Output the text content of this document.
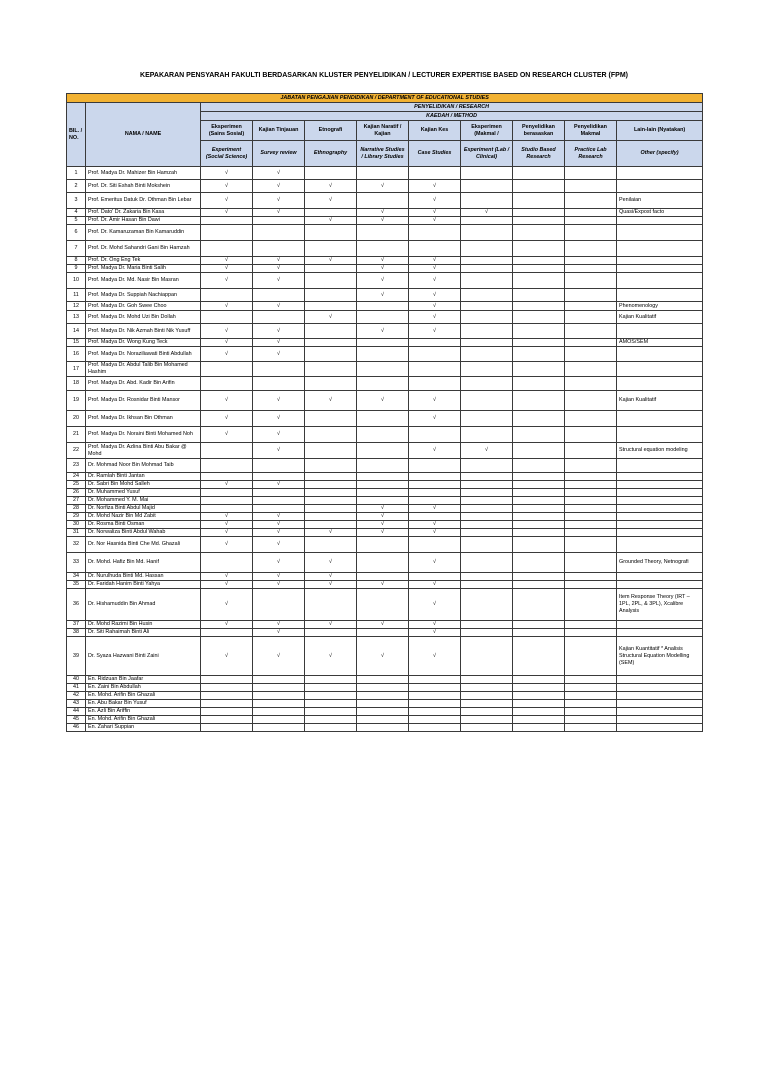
KEPAKARAN PENSYARAH FAKULTI BERDASARKAN KLUSTER PENYELIDIKAN / LECTURER EXPERTISE BASED ON RESEARCH CLUSTER (FPM)
JABATAN PENGAJIAN PENDIDIKAN / DEPARTMENT OF EDUCATIONAL STUDIES										
BIL. / NO.	NAMA / NAME	PENYELIDIKAN / RESEARCH								
		KAEDAH / METHOD								
		Eksperimen (Sains Sosial)	Kajian Tinjauan	Etnografi	Kajian Naratif / Kajian	Kajian Kes	Eksperimen (Makmal /	Penyelidikan berasaskan	Penyelidikan Makmal	Lain-lain (Nyatakan)
		Experiment (Social Science)	Survey review	Ethnography	Narrative Studies / Library Studies	Case Studies	Experiment (Lab / Clinical)	Studio Based Research	Practice Lab Research	Other (specify)
1	Prof. Madya Dr. Mahizer Bin Hamzah	√	√							
2	Prof. Dr. Siti Eshah Binti Mokshein	√	√	√	√	√				
3	Prof. Emeritus Datuk Dr. Othman Bin Lebar	√	√	√		√				Penilaian
4	Prof. Dato' Dr. Zakaria Bin Kasa	√	√		√	√	√			Quasi/Expost facto
5	Prof. Dr. Amir Hasan Bin Dawi			√	√	√				
6	Prof. Dr. Kamaruzaman Bin Kamaruddin									
7	Prof. Dr. Mohd Sahandri Gani Bin Hamzah									
8	Prof. Dr. Ong Eng Tek	√	√	√	√	√				
9	Prof. Madya Dr. Maria Binti Salih	√	√		√	√				
10	Prof. Madya Dr. Md. Nasir Bin Masran	√	√		√	√				
11	Prof. Madya Dr. Suppiah Nachiappan				√	√				
12	Prof. Madya Dr. Goh Swee Choo	√	√			√				Phenomenology
13	Prof. Madya Dr. Mohd Uzi Bin Dollah			√		√				Kajian Kualitatif
14	Prof. Madya Dr. Nik Azmah Binti Nik Yusuff	√	√		√	√				
15	Prof. Madya Dr. Wong Kung Teck	√	√							AMOS/SEM
16	Prof. Madya Dr. Noraziliawati Binti Abdullah	√	√							
17	Prof. Madya Dr. Abdul Talib Bin Mohamed Hashim									
18	Prof. Madya Dr. Abd. Kadir Bin Arifin									
19	Prof. Madya Dr. Rosnidar Binti Mansor	√	√	√	√	√				Kajian Kualitatif
20	Prof. Madya Dr. Ikhsan Bin Othman	√	√			√				
21	Prof. Madya Dr. Noraini Binti Mohamed Noh	√	√							
22	Prof. Madya Dr. Azlina Binti Abu Bakar @ Mohd		√			√	√			Structural equation modeling
23	Dr. Mohmad Noor Bin Mohmad Taib									
24	Dr. Ramlah Binti Jantan									
25	Dr. Sabri Bin Mohd Salleh	√	√							
26	Dr. Muhammed Yusuf									
27	Dr. Mohammed Y. M. Mai									
28	Dr. Norfiza Binti Abdul Majid				√	√				
29	Dr. Mohd Nazir Bin Md Zabit	√	√		√					
30	Dr. Rosma Binti Osman	√	√		√	√				
31	Dr. Norwaliza Binti Abdul Wahab	√	√	√	√	√				
32	Dr. Nor Hasnida Binti Che Md. Ghazali	√	√							
33	Dr. Mohd. Hafiz Bin Md. Hanif		√	√		√				Grounded Theory, Netnografi
34	Dr. Nurulhuda Binti Md. Hassan	√	√	√						
35	Dr. Faridah Hanim Binti Yahya	√	√	√	√	√				
36	Dr. Hishamuddin Bin Ahmad	√				√				Item Response Theory (IRT – 1PL, 2PL, & 3PL), Xcalibre Analysis
37	Dr. Mohd Razimi Bin Husin	√	√	√	√	√				
38	Dr. Siti Rahaimah Binti Ali		√			√				
39	Dr. Syaza Hazwani Binti Zaini	√	√	√	√	√				Kajian Kuantitatif * Analisis Structural Equation Modelling (SEM)
40	En. Ridzuan Bin Jaafar									
41	En. Zaini Bin Abdullah									
42	En. Mohd. Arifin Bin Ghazali									
43	En. Abu Bakar Bin Yusuf									
44	En. Azli Bin Ariffin									
45	En. Mohd. Arifin Bin Ghazali									
46	En. Zahari Suppian									
